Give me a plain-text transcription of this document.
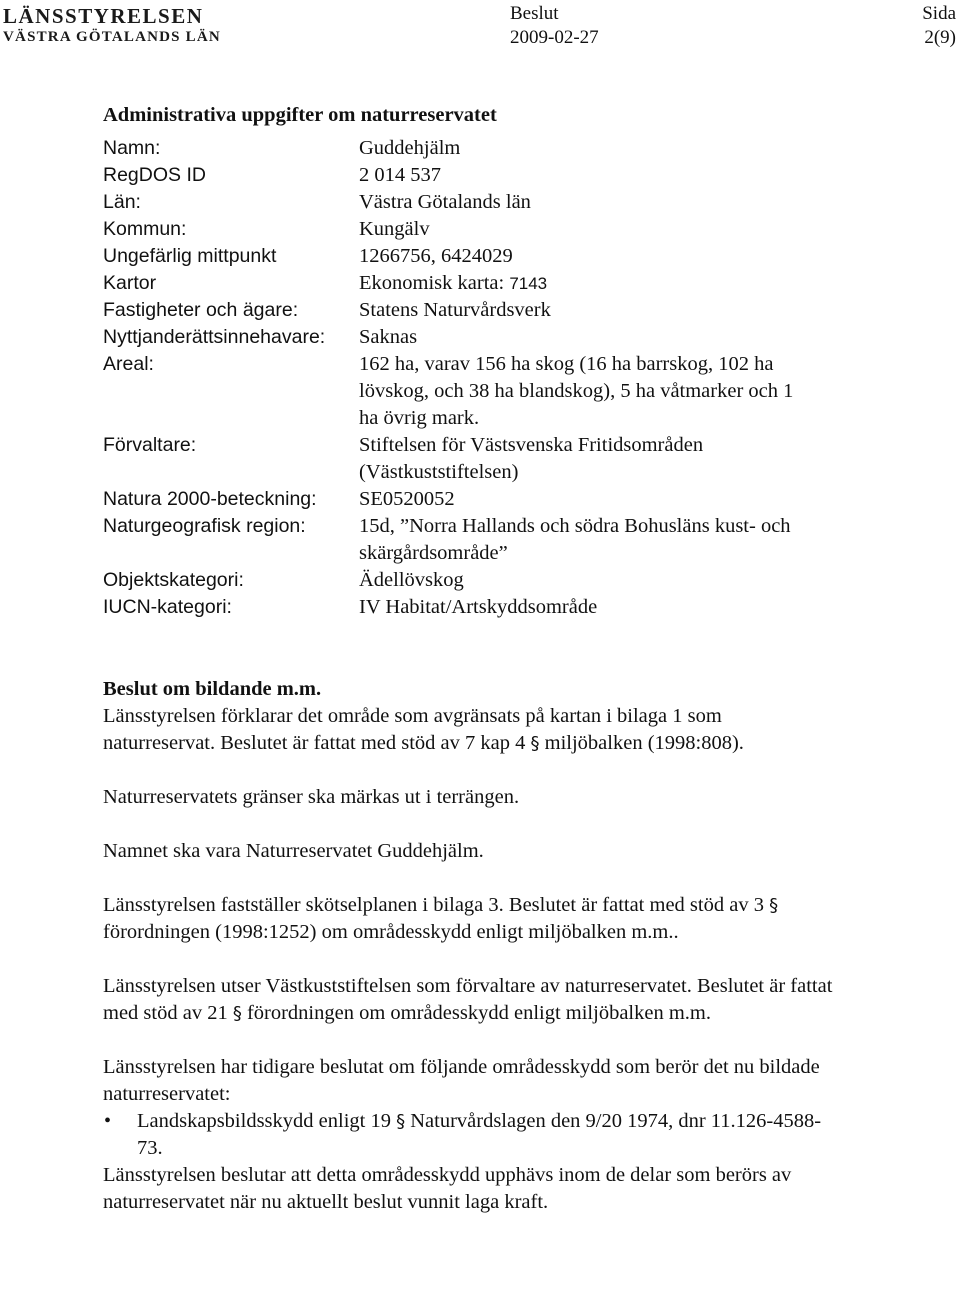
LÄNSSTYRELSEN
VÄSTRA GÖTALANDS LÄN
Beslut
2009-02-27
Sida
2(9)
Administrativa uppgifter om naturreservatet
Namn:	Guddehjälm
RegDOS ID	2 014 537
Län:	Västra Götalands län
Kommun:	Kungälv
Ungefärlig mittpunkt	1266756, 6424029
Kartor	Ekonomisk karta: 7143
Fastigheter och ägare:	Statens Naturvårdsverk
Nyttjanderättsinnehavare:	Saknas
Areal:	162 ha, varav 156 ha skog (16 ha barrskog, 102 ha lövskog, och 38 ha blandskog), 5 ha våtmarker och 1 ha övrig mark.
Förvaltare:	Stiftelsen för Västsvenska Fritidsområden (Västkuststiftelsen)
Natura 2000-beteckning:	SE0520052
Naturgeografisk region:	15d, ”Norra Hallands och södra Bohusläns kust- och skärgårdsområde”
Objektskategori:	Ädellövskog
IUCN-kategori:	IV Habitat/Artskyddsområde
Beslut om bildande m.m.

Länsstyrelsen förklarar det område som avgränsats på kartan i bilaga 1 som naturreservat. Beslutet är fattat med stöd av 7 kap 4 § miljöbalken (1998:808).

Naturreservatets gränser ska märkas ut i terrängen.

Namnet ska vara Naturreservatet Guddehjälm.

Länsstyrelsen fastställer skötselplanen i bilaga 3. Beslutet är fattat med stöd av 3 § förordningen (1998:1252) om områdesskydd enligt miljöbalken m.m..

Länsstyrelsen utser Västkuststiftelsen som förvaltare av naturreservatet. Beslutet är fattat med stöd av 21 § förordningen om områdesskydd enligt miljöbalken m.m.

Länsstyrelsen har tidigare beslutat om följande områdesskydd som berör det nu bildade naturreservatet:

• Landskapsbildsskydd enligt 19 § Naturvårdslagen den 9/20 1974, dnr 11.126-4588-73.

Länsstyrelsen beslutar att detta områdesskydd upphävs inom de delar som berörs av naturreservatet när nu aktuellt beslut vunnit laga kraft.
